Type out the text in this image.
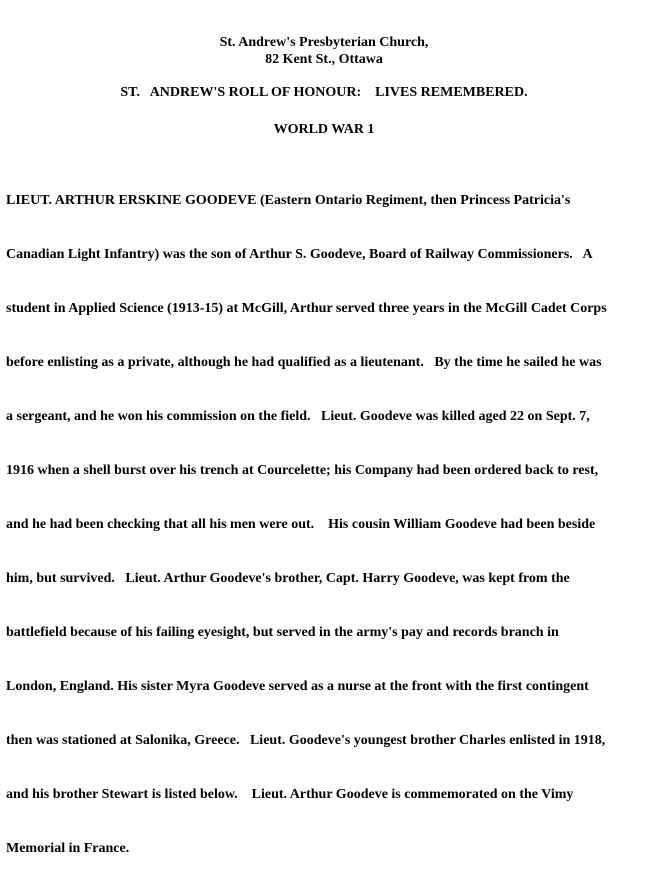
St. Andrew's Presbyterian Church,
82 Kent St., Ottawa
ST.   ANDREW'S ROLL OF HONOUR:    LIVES REMEMBERED.
WORLD WAR 1

LIEUT. ARTHUR ERSKINE GOODEVE (Eastern Ontario Regiment, then Princess Patricia's

Canadian Light Infantry) was the son of Arthur S. Goodeve, Board of Railway Commissioners.   A

student in Applied Science (1913-15) at McGill, Arthur served three years in the McGill Cadet Corps

before enlisting as a private, although he had qualified as a lieutenant.   By the time he sailed he was

a sergeant, and he won his commission on the field.   Lieut. Goodeve was killed aged 22 on Sept. 7,

1916 when a shell burst over his trench at Courcelette; his Company had been ordered back to rest,

and he had been checking that all his men were out.    His cousin William Goodeve had been beside

him, but survived.   Lieut. Arthur Goodeve's brother, Capt. Harry Goodeve, was kept from the

battlefield because of his failing eyesight, but served in the army's pay and records branch in

London, England. His sister Myra Goodeve served as a nurse at the front with the first contingent

then was stationed at Salonika, Greece.   Lieut. Goodeve's youngest brother Charles enlisted in 1918,

and his brother Stewart is listed below.    Lieut. Arthur Goodeve is commemorated on the Vimy

Memorial in France.
